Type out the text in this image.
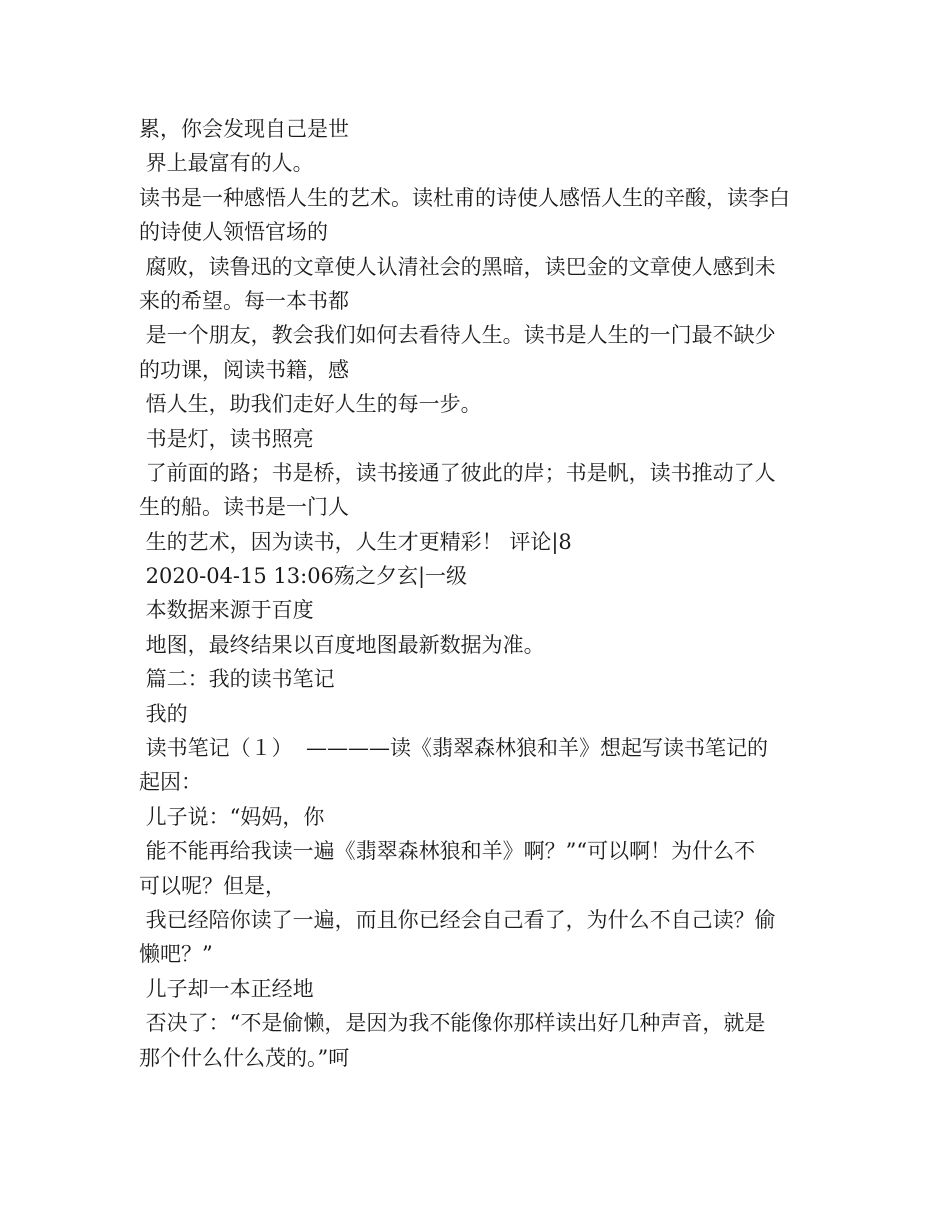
累，你会发现自己是世
界上最富有的人。
读书是一种感悟人生的艺术。读杜甫的诗使人感悟人生的辛酸，读李白
的诗使人领悟官场的
腐败，读鲁迅的文章使人认清社会的黑暗，读巴金的文章使人感到未
来的希望。每一本书都
是一个朋友，教会我们如何去看待人生。读书是人生的一门最不缺少
的功课，阅读书籍，感
悟人生，助我们走好人生的每一步。
书是灯，读书照亮
了前面的路；书是桥，读书接通了彼此的岸；书是帆，读书推动了人
生的船。读书是一门人
生的艺术，因为读书，人生才更精彩！ 评论|8
2020-04-15 13:06殇之夕玄|一级
本数据来源于百度
地图，最终结果以百度地图最新数据为准。
篇二：我的读书笔记
我的
读书笔记（１）  ————读《翡翠森林狼和羊》想起写读书笔记的
起因：
儿子说：“妈妈，你
能不能再给我读一遍《翡翠森林狼和羊》啊？”“可以啊！为什么不
可以呢？但是，
我已经陪你读了一遍，而且你已经会自己看了，为什么不自己读？偷
懒吧？”
儿子却一本正经地
否决了：“不是偷懒，是因为我不能像你那样读出好几种声音，就是
那个什么什么茂的。”呵
